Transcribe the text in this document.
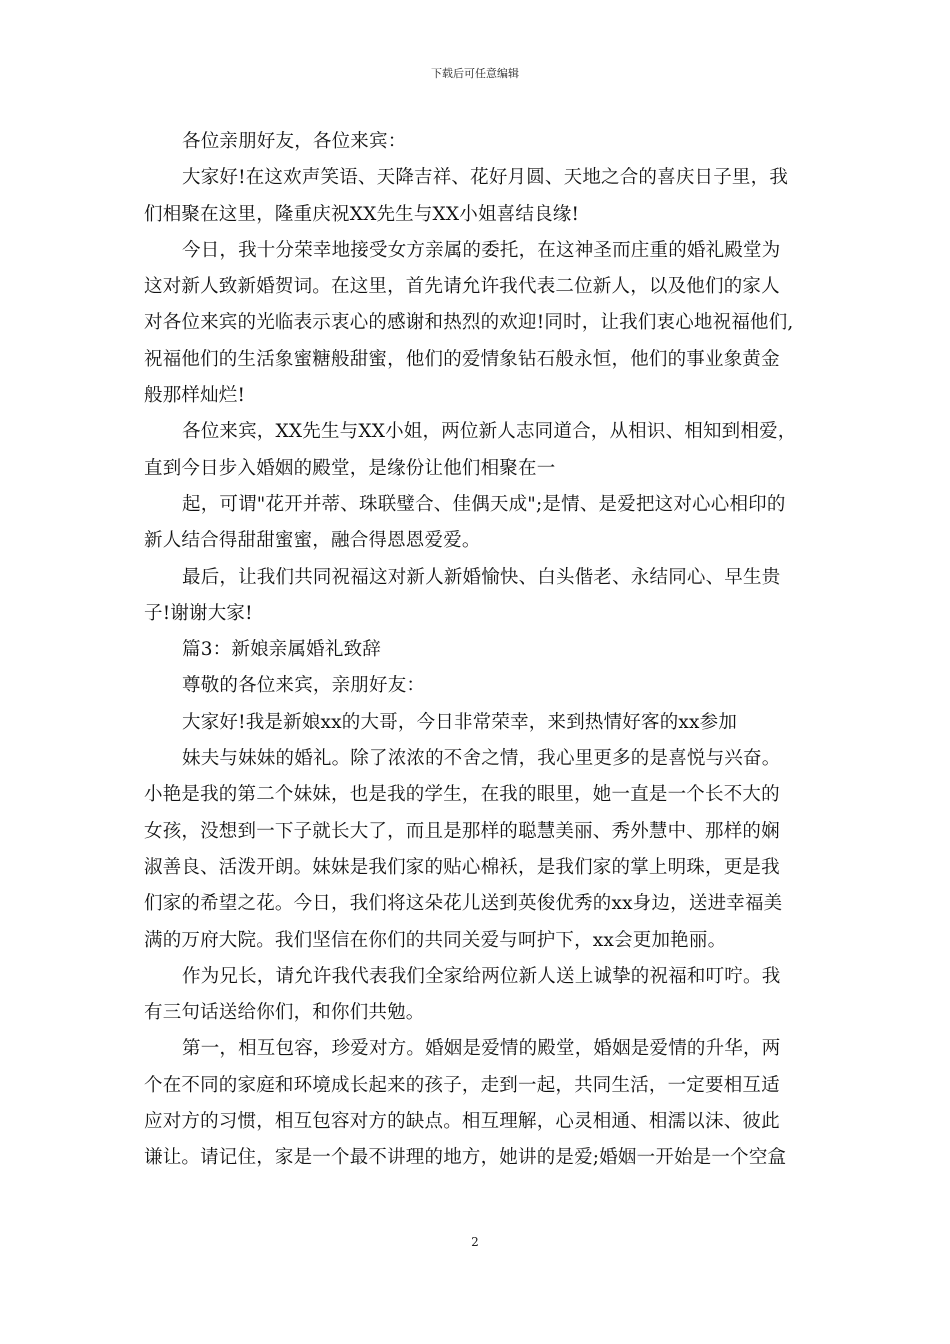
下载后可任意编辑
各位亲朋好友，各位来宾：
大家好!在这欢声笑语、天降吉祥、花好月圆、天地之合的喜庆日子里，我
们相聚在这里，隆重庆祝XX先生与XX小姐喜结良缘!
今日，我十分荣幸地接受女方亲属的委托，在这神圣而庄重的婚礼殿堂为
这对新人致新婚贺词。在这里，首先请允许我代表二位新人，以及他们的家人
对各位来宾的光临表示衷心的感谢和热烈的欢迎!同时，让我们衷心地祝福他们,
祝福他们的生活象蜜糖般甜蜜，他们的爱情象钻石般永恒，他们的事业象黄金
般那样灿烂!
各位来宾，XX先生与XX小姐，两位新人志同道合，从相识、相知到相爱，
直到今日步入婚姻的殿堂，是缘份让他们相聚在一
起，可谓"花开并蒂、珠联璧合、佳偶天成";是情、是爱把这对心心相印的
新人结合得甜甜蜜蜜，融合得恩恩爱爱。
最后，让我们共同祝福这对新人新婚愉快、白头偕老、永结同心、早生贵
子!谢谢大家!
篇3：新娘亲属婚礼致辞
尊敬的各位来宾，亲朋好友：
大家好!我是新娘xx的大哥，今日非常荣幸，来到热情好客的xx参加
妹夫与妹妹的婚礼。除了浓浓的不舍之情，我心里更多的是喜悦与兴奋。
小艳是我的第二个妹妹，也是我的学生，在我的眼里，她一直是一个长不大的
女孩，没想到一下子就长大了，而且是那样的聪慧美丽、秀外慧中、那样的娴
淑善良、活泼开朗。妹妹是我们家的贴心棉袄，是我们家的掌上明珠，更是我
们家的希望之花。今日，我们将这朵花儿送到英俊优秀的xx身边，送进幸福美
满的万府大院。我们坚信在你们的共同关爱与呵护下，xx会更加艳丽。
作为兄长，请允许我代表我们全家给两位新人送上诚挚的祝福和叮咛。我
有三句话送给你们，和你们共勉。
第一，相互包容，珍爱对方。婚姻是爱情的殿堂，婚姻是爱情的升华，两
个在不同的家庭和环境成长起来的孩子，走到一起，共同生活，一定要相互适
应对方的习惯，相互包容对方的缺点。相互理解，心灵相通、相濡以沫、彼此
谦让。请记住，家是一个最不讲理的地方，她讲的是爱;婚姻一开始是一个空盒
2
